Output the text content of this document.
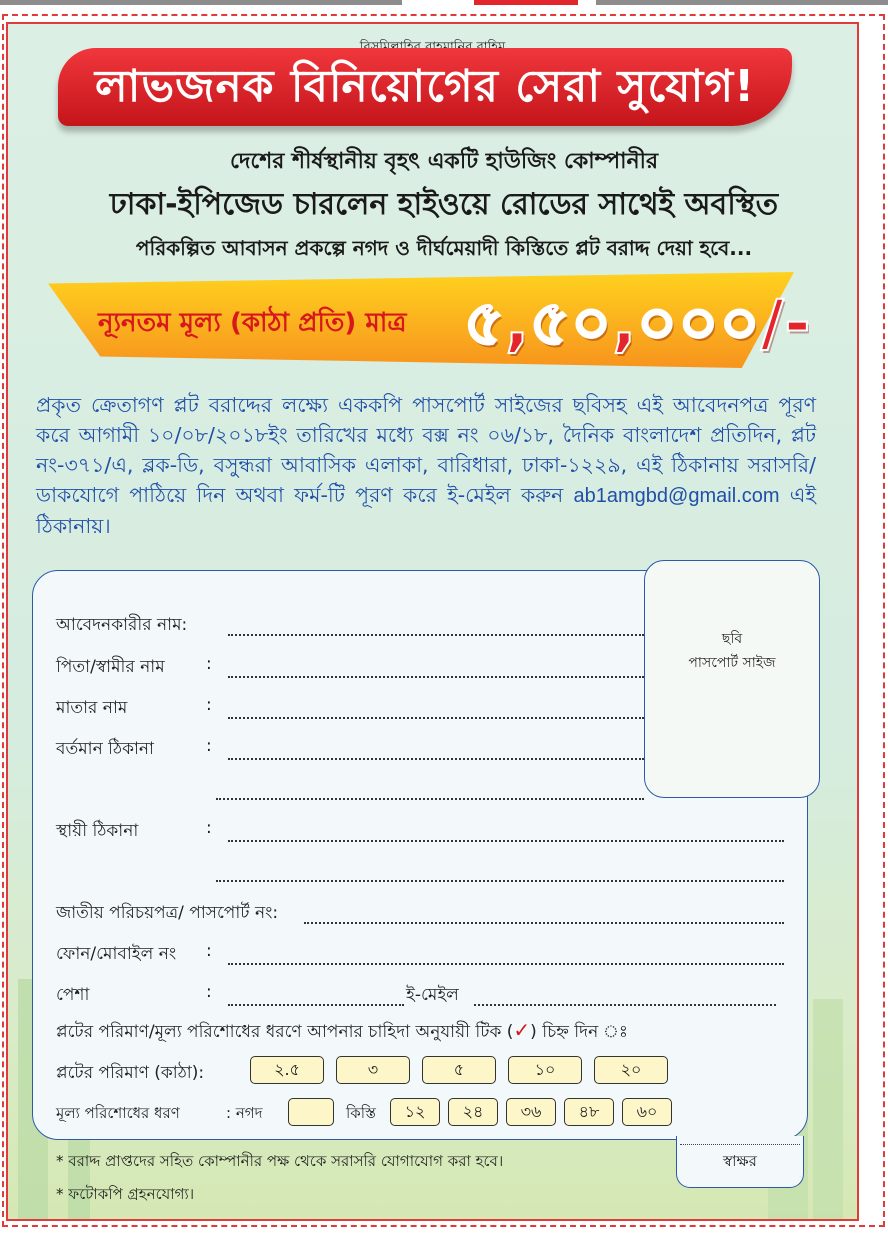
লাভজনক বিনিয়োগের সেরা সুযোগ!
দেশের শীর্ষস্থানীয় বৃহৎ একটি হাউজিং কোম্পানীর
ঢাকা-ইপিজেড চারলেন হাইওয়ে রোডের সাথেই অবস্থিত
পরিকল্পিত আবাসন প্রকল্পে নগদ ও দীর্ঘমেয়াদী কিস্তিতে প্লট বরাদ্দ দেয়া হবে...
ন্যূনতম মূল্য (কাঠা প্রতি) মাত্র ৫,৫০,০০০/-
প্রকৃত ক্রেতাগণ প্লট বরাদ্দের লক্ষ্যে এককপি পাসপোর্ট সাইজের ছবিসহ এই আবেদনপত্র পূরণ করে আগামী ১০/০৮/২০১৮ইং তারিখের মধ্যে বক্স নং ০৬/১৮, দৈনিক বাংলাদেশ প্রতিদিন, প্লট নং-৩৭১/এ, ব্লক-ডি, বসুন্ধরা আবাসিক এলাকা, বারিধারা, ঢাকা-১২২৯, এই ঠিকানায় সরাসরি/ডাকযোগে পাঠিয়ে দিন অথবা ফর্ম-টি পূরণ করে ই-মেইল করুন ab1amgbd@gmail.com এই ঠিকানায়।
ছবি
পাসপোর্ট সাইজ
আবেদনকারীর নাম:
পিতা/স্বামীর নাম :
মাতার নাম	:
বর্তমান ঠিকানা	:
স্থায়ী ঠিকানা	:
জাতীয় পরিচয়পত্র/ পাসপোর্ট নং:
ফোন/মোবাইল নং :
পেশা	:	ই-মেইল
প্লটের পরিমাণ/মূল্য পরিশোধের ধরণে আপনার চাহিদা অনুযায়ী টিক (✓) চিহ্ন দিন ঃ
প্লটের পরিমাণ (কাঠা):	২.৫	৩	৫	১০	২০
মূল্য পরিশোধের ধরণ	: নগদ	কিস্তি	১২	২৪	৩৬	৪৮	৬০
স্বাক্ষর
* বরাদ্দ প্রাপ্তদের সহিত কোম্পানীর পক্ষ থেকে সরাসরি যোগাযোগ করা হবে।
* ফটোকপি গ্রহনযোগ্য।
